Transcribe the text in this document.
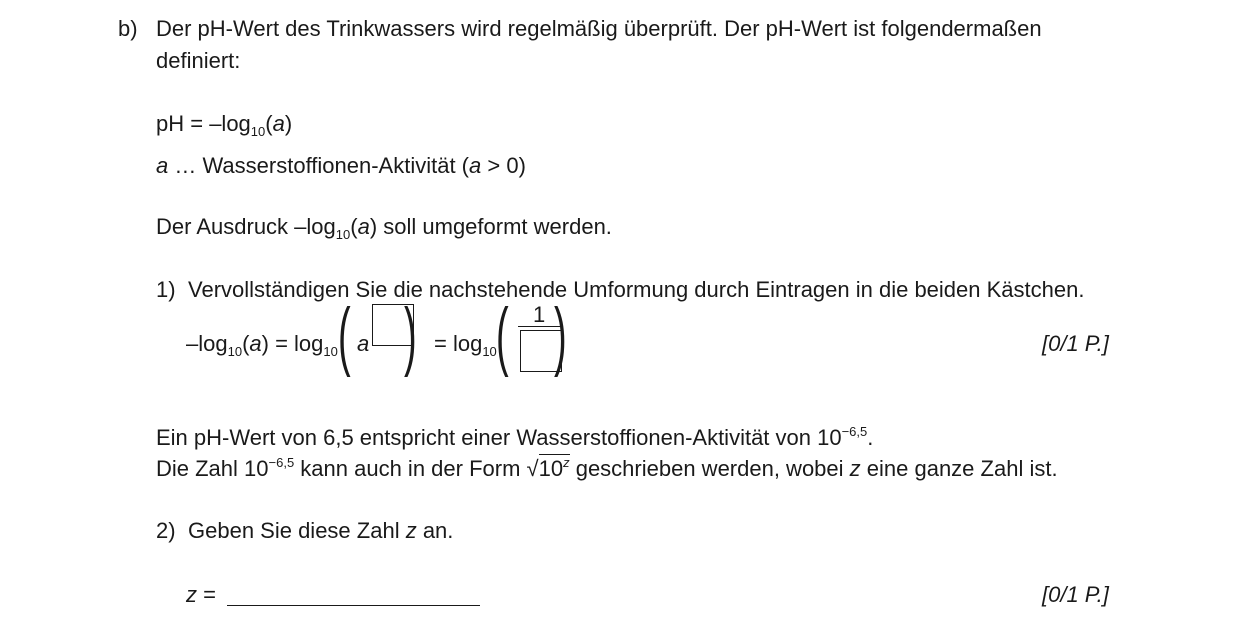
b) Der pH-Wert des Trinkwassers wird regelmäßig überprüft. Der pH-Wert ist folgendermaßen
definiert:
pH = $-\log_{10}(a)$
a … Wasserstoffionen-Aktivität (a > 0)
Der Ausdruck $-\log_{10}(a)$ soll umgeformt werden.
1) Vervollständigen Sie die nachstehende Umformung durch Eintragen in die beiden Kästchen.
$-\log_{10}(a) = \log_{10}$ ( a ) = $\log_{10}$ ( 1 )	[0/1 P.]
Ein pH-Wert von 6,5 entspricht einer Wasserstoffionen-Aktivität von $10^{-6,5}$.
Die Zahl $10^{-6,5}$ kann auch in der Form √10$^z$ geschrieben werden, wobei z eine ganze Zahl ist.
2) Geben Sie diese Zahl z an.
z =	[0/1 P.]
